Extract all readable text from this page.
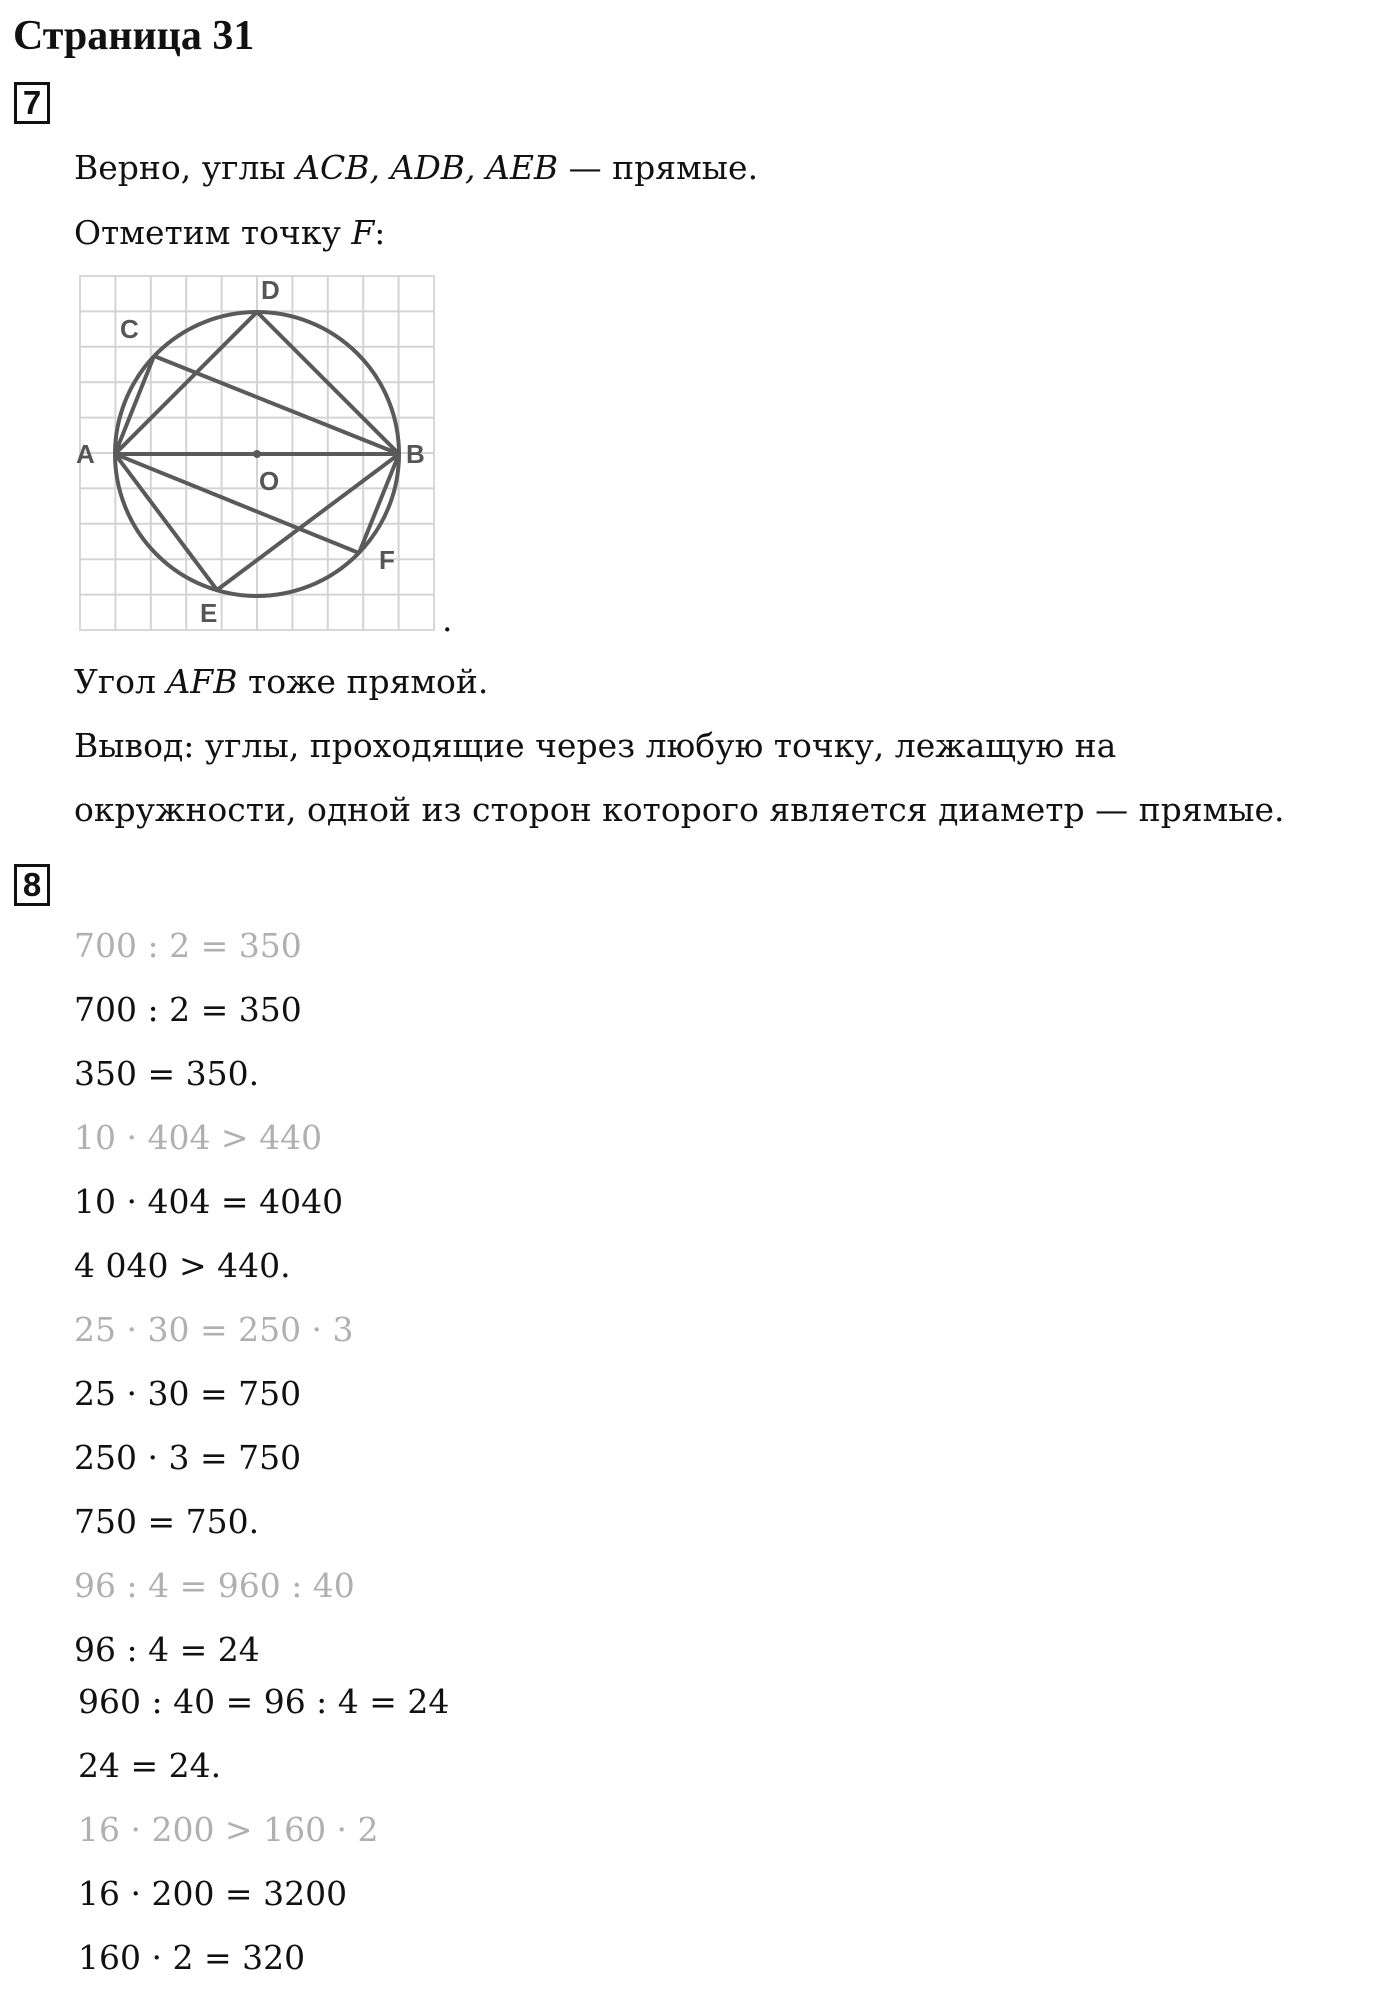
Страница 31
7
Верно, углы ACB, ADB, AEB — прямые.
Отметим точку F:
A	B
C
D
E
F
O
.
Угол AFB тоже прямой.
Вывод: углы, проходящие через любую точку, лежащую на
окружности, одной из сторон которого является диаметр — прямые.
8
700 : 2 = 350
700 : 2 = 350
350 = 350.
10 · 404 > 440
10 · 404 = 4040
4 040 > 440.
25 · 30 = 250 · 3
25 · 30 = 750
250 · 3 = 750
750 = 750.
96 : 4 = 960 : 40
96 : 4 = 24
960 : 40 = 96 : 4 = 24
24 = 24.
16 · 200 > 160 · 2
16 · 200 = 3200
160 · 2 = 320
